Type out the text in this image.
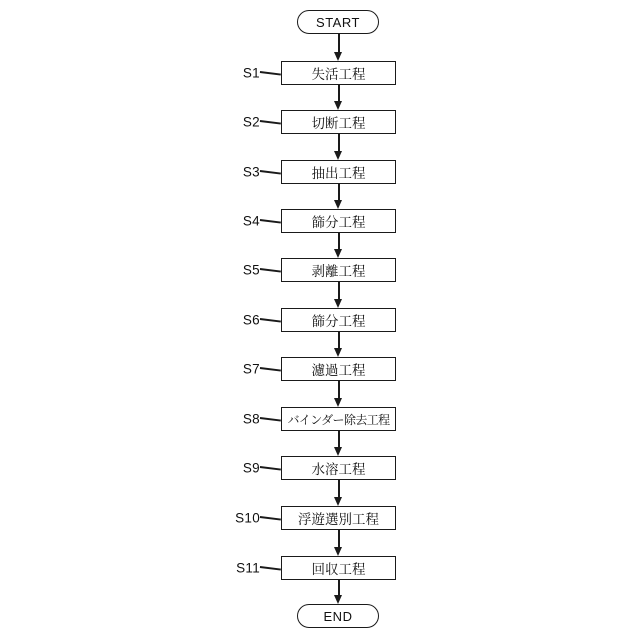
START
S1	失活工程
S2	切断工程
S3	抽出工程
S4	篩分工程
S5	剥離工程
S6	篩分工程
S7	濾過工程
S8 バインダー除去工程
S9	水溶工程
S10	浮遊選別工程
S11	回収工程
END
